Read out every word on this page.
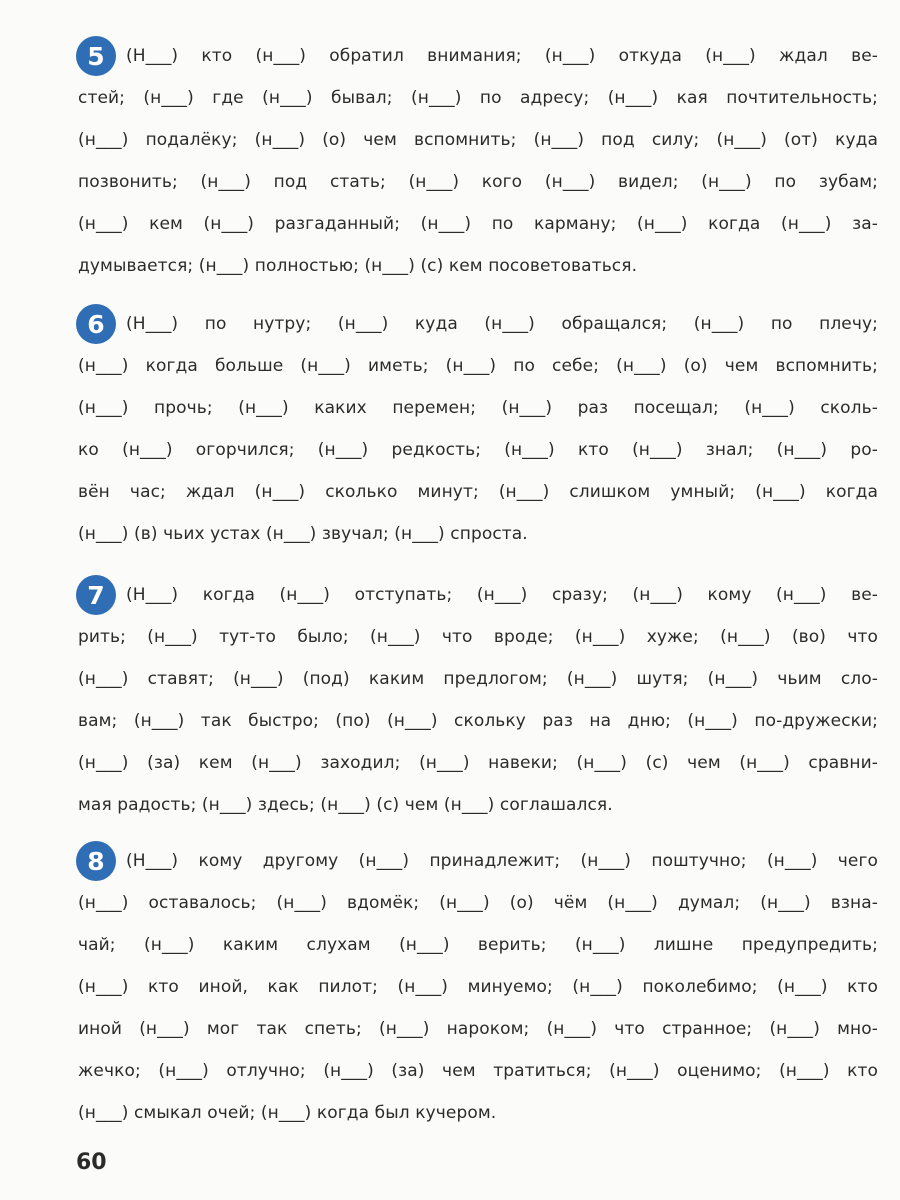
5	(Н___) кто (н___) обратил внимания; (н___) откуда (н___) ждал ве-
стей; (н___) где (н___) бывал; (н___) по адресу; (н___) кая почтительность;
(н___) подалёку; (н___) (о) чем вспомнить; (н___) под силу; (н___) (от) куда
позвонить; (н___) под стать; (н___) кого (н___) видел; (н___) по зубам;
(н___) кем (н___) разгаданный; (н___) по карману; (н___) когда (н___) за-
думывается; (н___) полностью; (н___) (с) кем посоветоваться.
6	(Н___) по нутру; (н___) куда (н___) обращался; (н___) по плечу;
(н___) когда больше (н___) иметь; (н___) по себе; (н___) (о) чем вспомнить;
(н___) прочь; (н___) каких перемен; (н___) раз посещал; (н___) сколь-
ко (н___) огорчился; (н___) редкость; (н___) кто (н___) знал; (н___) ро-
вён час; ждал (н___) сколько минут; (н___) слишком умный; (н___) когда
(н___) (в) чьих устах (н___) звучал; (н___) спроста.
7	(Н___) когда (н___) отступать; (н___) сразу; (н___) кому (н___) ве-
рить; (н___) тут-то было; (н___) что вроде; (н___) хуже; (н___) (во) что
(н___) ставят; (н___) (под) каким предлогом; (н___) шутя; (н___) чьим сло-
вам; (н___) так быстро; (по) (н___) скольку раз на дню; (н___) по-дружески;
(н___) (за) кем (н___) заходил; (н___) навеки; (н___) (с) чем (н___) сравни-
мая радость; (н___) здесь; (н___) (с) чем (н___) соглашался.
8	(Н___) кому другому (н___) принадлежит; (н___) поштучно; (н___) чего
(н___) оставалось; (н___) вдомёк; (н___) (о) чём (н___) думал; (н___) взна-
чай; (н___) каким слухам (н___) верить; (н___) лишне предупредить;
(н___) кто иной, как пилот; (н___) минуемо; (н___) поколебимо; (н___) кто
иной (н___) мог так спеть; (н___) нароком; (н___) что странное; (н___) мно-
жечко; (н___) отлучно; (н___) (за) чем тратиться; (н___) оценимо; (н___) кто
(н___) смыкал очей; (н___) когда был кучером.
60
